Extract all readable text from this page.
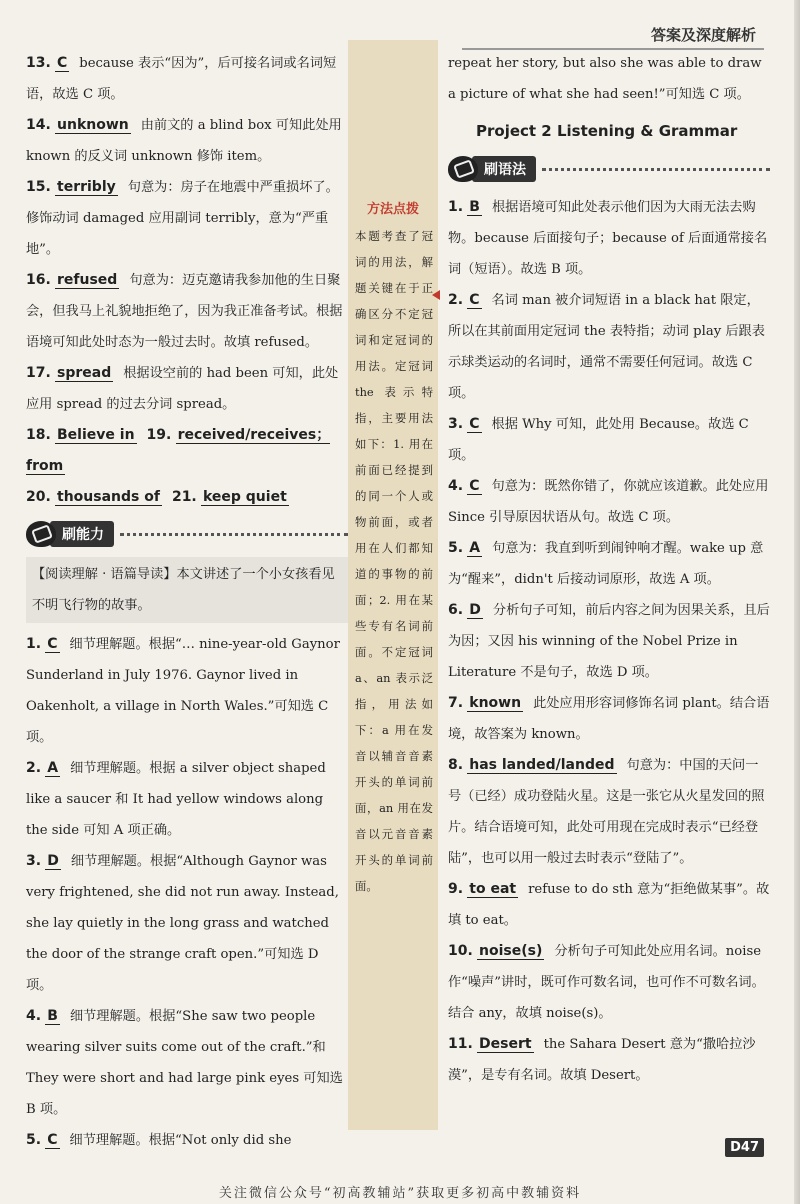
答案及深度解析

13. C because 表示“因为”，后可接名词或名词短语，故选 C 项。

14. unknown 由前文的 a blind box 可知此处用 known 的反义词 unknown 修饰 item。

15. terribly 句意为：房子在地震中严重损坏了。修饰动词 damaged 应用副词 terribly，意为“严重地”。

16. refused 句意为：迈克邀请我参加他的生日聚会，但我马上礼貌地拒绝了，因为我正准备考试。根据语境可知此处时态为一般过去时。故填 refused。

17. spread 根据设空前的 had been 可知，此处应用 spread 的过去分词 spread。

18. Believe in 19. received/receives；from

20. thousands of 21. keep quiet

刷能力
【阅读理解 · 语篇导读】本文讲述了一个小女孩看见不明飞行物的故事。

1. C 细节理解题。根据“… nine-year-old Gaynor Sunderland in July 1976. Gaynor lived in Oakenholt, a village in North Wales.”可知选 C 项。

2. A 细节理解题。根据 a silver object shaped like a saucer 和 It had yellow windows along the side 可知 A 项正确。

3. D 细节理解题。根据“Although Gaynor was very frightened, she did not run away. Instead, she lay quietly in the long grass and watched the door of the strange craft open.”可知选 D 项。

4. B 细节理解题。根据“She saw two people wearing silver suits come out of the craft.”和 They were short and had large pink eyes 可知选 B 项。

5. C 细节理解题。根据“Not only did she

方法点拨
本题考查了冠词的用法，解题关键在于正确区分不定冠词和定冠词的用法。定冠词 the 表示特指，主要用法如下：1. 用在前面已经提到的同一个人或物前面，或者用在人们都知道的事物的前面；2. 用在某些专有名词前面。不定冠词 a、an 表示泛指，用法如下：a 用在发音以辅音音素开头的单词前面，an 用在发音以元音音素开头的单词前面。

repeat her story, but also she was able to draw a picture of what she had seen!”可知选 C 项。

Project 2 Listening & Grammar
刷语法

1. B 根据语境可知此处表示他们因为大雨无法去购物。because 后面接句子；because of 后面通常接名词（短语）。故选 B 项。

2. C 名词 man 被介词短语 in a black hat 限定，所以在其前面用定冠词 the 表特指；动词 play 后跟表示球类运动的名词时，通常不需要任何冠词。故选 C 项。

3. C 根据 Why 可知，此处用 Because。故选 C 项。

4. C 句意为：既然你错了，你就应该道歉。此处应用 Since 引导原因状语从句。故选 C 项。

5. A 句意为：我直到听到闹钟响才醒。wake up 意为“醒来”，didn't 后接动词原形，故选 A 项。

6. D 分析句子可知，前后内容之间为因果关系，且后为因；又因 his winning of the Nobel Prize in Literature 不是句子，故选 D 项。

7. known 此处应用形容词修饰名词 plant。结合语境，故答案为 known。

8. has landed/landed 句意为：中国的天问一号（已经）成功登陆火星。这是一张它从火星发回的照片。结合语境可知，此处可用现在完成时表示“已经登陆”，也可以用一般过去时表示“登陆了”。

9. to eat refuse to do sth 意为“拒绝做某事”。故填 to eat。

10. noise(s) 分析句子可知此处应用名词。noise 作“噪声”讲时，既可作可数名词，也可作不可数名词。结合 any，故填 noise(s)。

11. Desert the Sahara Desert 意为“撒哈拉沙漠”，是专有名词。故填 Desert。

D47
关注微信公众号“初高教辅站”获取更多初高中教辅资料
